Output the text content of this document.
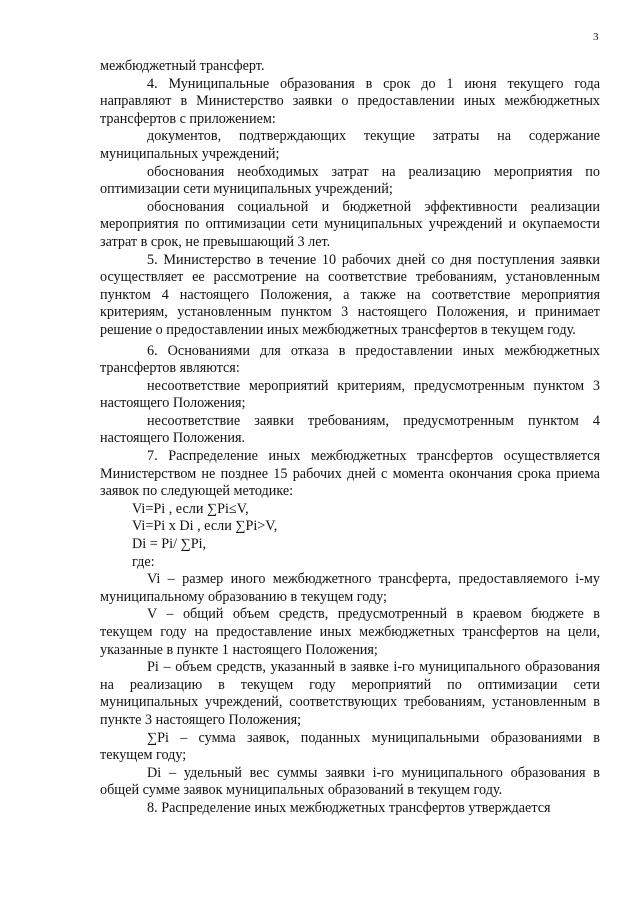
3

межбюджетный трансферт.

4. Муниципальные образования в срок до 1 июня текущего года направляют в Министерство заявки о предоставлении иных межбюджетных трансфертов с приложением:

документов, подтверждающих текущие затраты на содержание муниципальных учреждений;

обоснования необходимых затрат на реализацию мероприятия по оптимизации сети муниципальных учреждений;

обоснования социальной и бюджетной эффективности реализации мероприятия по оптимизации сети муниципальных учреждений и окупаемости затрат в срок, не превышающий 3 лет.

5. Министерство в течение 10 рабочих дней со дня поступления заявки осуществляет ее рассмотрение на соответствие требованиям, установленным пунктом 4 настоящего Положения, а также на соответствие мероприятия критериям, установленным пунктом 3 настоящего Положения, и принимает решение о предоставлении иных межбюджетных трансфертов в текущем году.

6. Основаниями для отказа в предоставлении иных межбюджетных трансфертов являются:

несоответствие мероприятий критериям, предусмотренным пунктом 3 настоящего Положения;

несоответствие заявки требованиям, предусмотренным пунктом 4 настоящего Положения.

7. Распределение иных межбюджетных трансфертов осуществляется Министерством не позднее 15 рабочих дней с момента окончания срока приема заявок по следующей методике:

Vi=Pi , если ∑Pi≤V,

Vi=Pi x Di , если ∑Pi>V,

Di = Pi/ ∑Pi,

где:

Vi – размер иного межбюджетного трансферта, предоставляемого i-му муниципальному образованию в текущем году;

V – общий объем средств, предусмотренный в краевом бюджете в текущем году на предоставление иных межбюджетных трансфертов на цели, указанные в пункте 1 настоящего Положения;

Pi – объем средств, указанный в заявке i-го муниципального образования на реализацию в текущем году мероприятий по оптимизации сети муниципальных учреждений, соответствующих требованиям, установленным в пункте 3 настоящего Положения;

∑Pi – сумма заявок, поданных муниципальными образованиями в текущем году;

Di – удельный вес суммы заявки i-го муниципального образования в общей сумме заявок муниципальных образований в текущем году.

8. Распределение иных межбюджетных трансфертов утверждается
